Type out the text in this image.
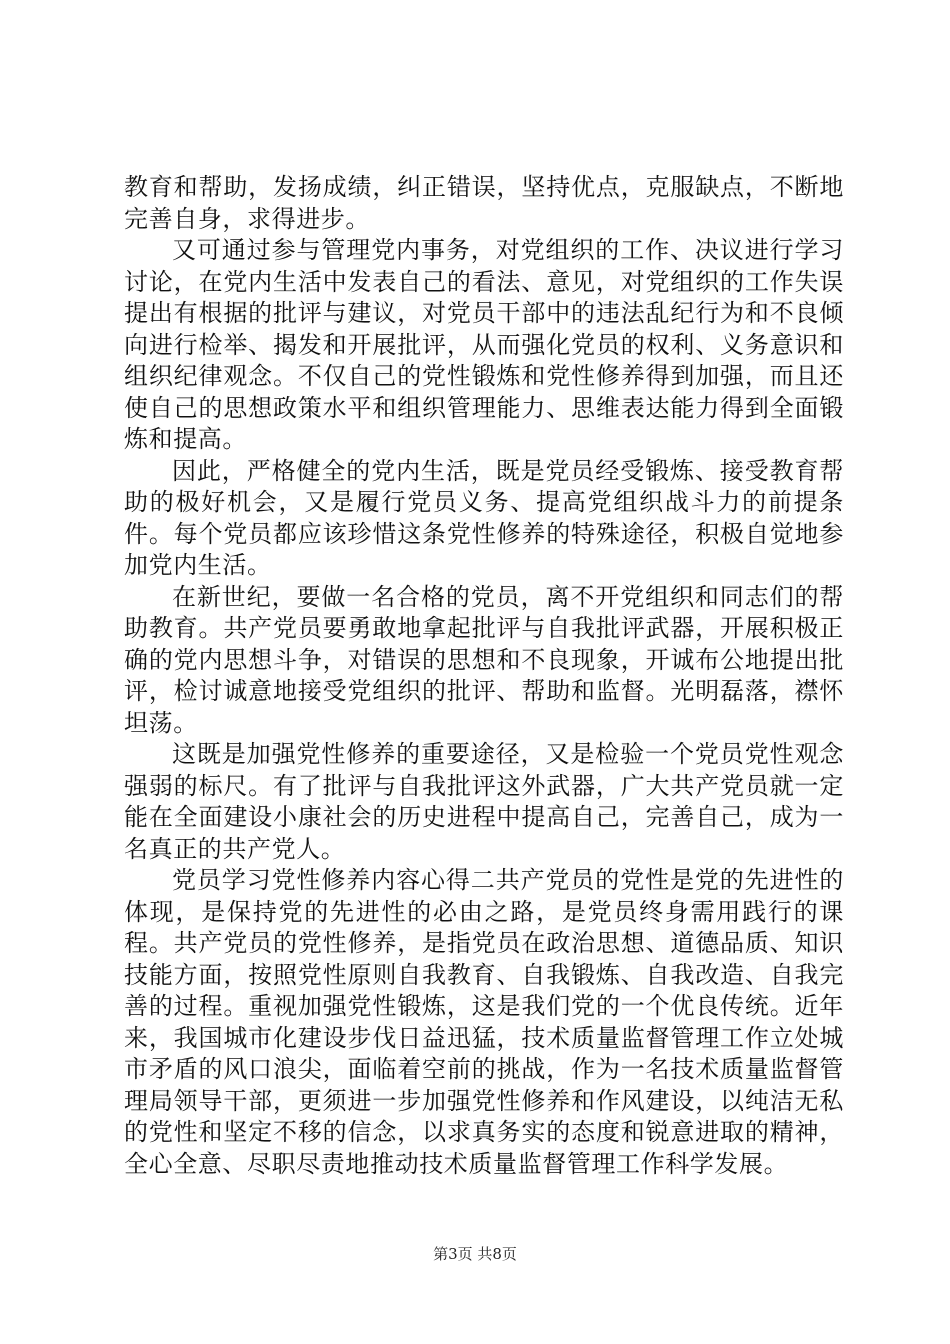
教育和帮助，发扬成绩，纠正错误，坚持优点，克服缺点，不断地完善自身，求得进步。

又可通过参与管理党内事务，对党组织的工作、决议进行学习讨论，在党内生活中发表自己的看法、意见，对党组织的工作失误提出有根据的批评与建议，对党员干部中的违法乱纪行为和不良倾向进行检举、揭发和开展批评，从而强化党员的权利、义务意识和组织纪律观念。不仅自己的党性锻炼和党性修养得到加强，而且还使自己的思想政策水平和组织管理能力、思维表达能力得到全面锻炼和提高。

因此，严格健全的党内生活，既是党员经受锻炼、接受教育帮助的极好机会，又是履行党员义务、提高党组织战斗力的前提条件。每个党员都应该珍惜这条党性修养的特殊途径，积极自觉地参加党内生活。

在新世纪，要做一名合格的党员，离不开党组织和同志们的帮助教育。共产党员要勇敢地拿起批评与自我批评武器，开展积极正确的党内思想斗争，对错误的思想和不良现象，开诚布公地提出批评，检讨诚意地接受党组织的批评、帮助和监督。光明磊落，襟怀坦荡。

这既是加强党性修养的重要途径，又是检验一个党员党性观念强弱的标尺。有了批评与自我批评这外武器，广大共产党员就一定能在全面建设小康社会的历史进程中提高自己，完善自己，成为一名真正的共产党人。

党员学习党性修养内容心得二共产党员的党性是党的先进性的体现，是保持党的先进性的必由之路，是党员终身需用践行的课程。共产党员的党性修养，是指党员在政治思想、道德品质、知识技能方面，按照党性原则自我教育、自我锻炼、自我改造、自我完善的过程。重视加强党性锻炼，这是我们党的一个优良传统。近年来，我国城市化建设步伐日益迅猛，技术质量监督管理工作立处城市矛盾的风口浪尖，面临着空前的挑战，作为一名技术质量监督管理局领导干部，更须进一步加强党性修养和作风建设，以纯洁无私的党性和坚定不移的信念，以求真务实的态度和锐意进取的精神，全心全意、尽职尽责地推动技术质量监督管理工作科学发展。

第3页 共8页
